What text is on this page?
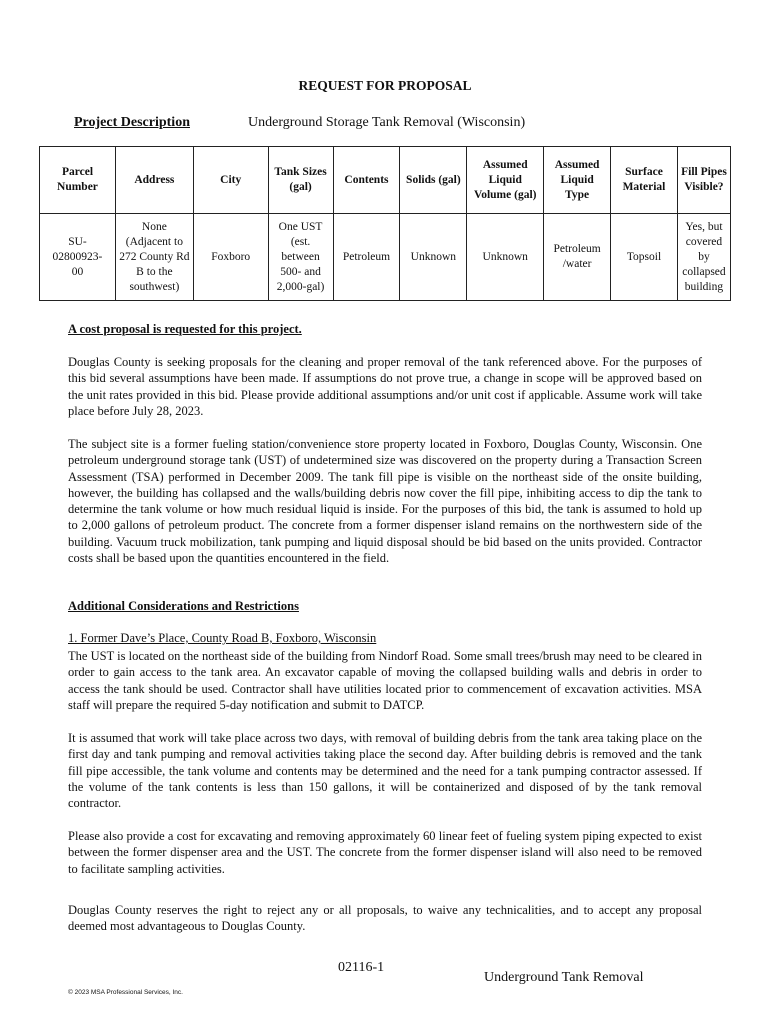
REQUEST FOR PROPOSAL
Project Description	Underground Storage Tank Removal (Wisconsin)
Parcel Number	Address	City	Tank Sizes (gal)	Contents	Solids (gal)	Assumed Liquid Volume (gal)	Assumed Liquid Type	Surface Material	Fill Pipes Visible?
SU-02800923-00	None (Adjacent to 272 County Rd B to the southwest)	Foxboro	One UST (est. between 500- and 2,000-gal)	Petroleum	Unknown	Unknown	Petroleum /water	Topsoil	Yes, but covered by collapsed building
A cost proposal is requested for this project.
Douglas County is seeking proposals for the cleaning and proper removal of the tank referenced above. For the purposes of this bid several assumptions have been made. If assumptions do not prove true, a change in scope will be approved based on the unit rates provided in this bid. Please provide additional assumptions and/or unit cost if applicable. Assume work will take place before July 28, 2023.
The subject site is a former fueling station/convenience store property located in Foxboro, Douglas County, Wisconsin. One petroleum underground storage tank (UST) of undetermined size was discovered on the property during a Transaction Screen Assessment (TSA) performed in December 2009. The tank fill pipe is visible on the northeast side of the onsite building, however, the building has collapsed and the walls/building debris now cover the fill pipe, inhibiting access to dip the tank to determine the tank volume or how much residual liquid is inside. For the purposes of this bid, the tank is assumed to hold up to 2,000 gallons of petroleum product. The concrete from a former dispenser island remains on the northwestern side of the building. Vacuum truck mobilization, tank pumping and liquid disposal should be bid based on the units provided. Contractor costs shall be based upon the quantities encountered in the field.
Additional Considerations and Restrictions
1. Former Dave’s Place, County Road B, Foxboro, Wisconsin
The UST is located on the northeast side of the building from Nindorf Road. Some small trees/brush may need to be cleared in order to gain access to the tank area. An excavator capable of moving the collapsed building walls and debris in order to access the tank should be used. Contractor shall have utilities located prior to commencement of excavation activities. MSA staff will prepare the required 5-day notification and submit to DATCP.
It is assumed that work will take place across two days, with removal of building debris from the tank area taking place on the first day and tank pumping and removal activities taking place the second day. After building debris is removed and the tank fill pipe accessible, the tank volume and contents may be determined and the need for a tank pumping contractor assessed. If the volume of the tank contents is less than 150 gallons, it will be containerized and disposed of by the tank removal contractor.
Please also provide a cost for excavating and removing approximately 60 linear feet of fueling system piping expected to exist between the former dispenser area and the UST. The concrete from the former dispenser island will also need to be removed to facilitate sampling activities.
Douglas County reserves the right to reject any or all proposals, to waive any technicalities, and to accept any proposal deemed most advantageous to Douglas County.
02116-1
Underground Tank Removal
© 2023 MSA Professional Services, Inc.
